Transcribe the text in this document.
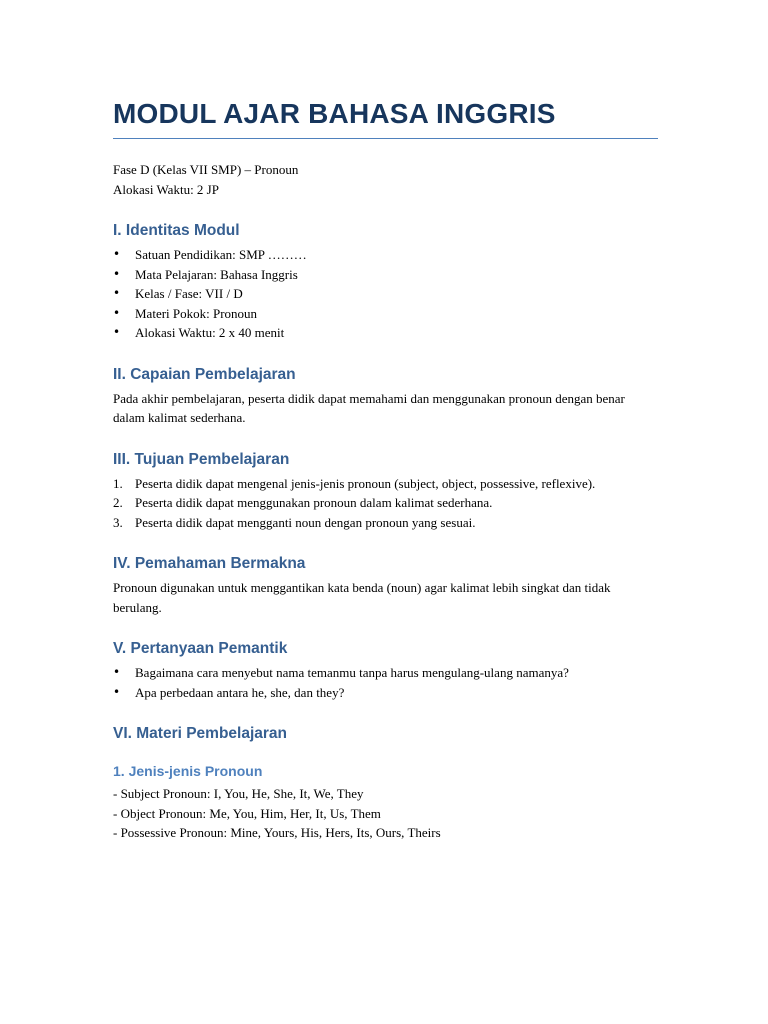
MODUL AJAR BAHASA INGGRIS
Fase D (Kelas VII SMP) – Pronoun
Alokasi Waktu: 2 JP
I. Identitas Modul
• Satuan Pendidikan: SMP ………
• Mata Pelajaran: Bahasa Inggris
• Kelas / Fase: VII / D
• Materi Pokok: Pronoun
• Alokasi Waktu: 2 x 40 menit
II. Capaian Pembelajaran

Pada akhir pembelajaran, peserta didik dapat memahami dan menggunakan pronoun dengan benar dalam kalimat sederhana.

III. Tujuan Pembelajaran
1. Peserta didik dapat mengenal jenis-jenis pronoun (subject, object, possessive, reflexive).
2. Peserta didik dapat menggunakan pronoun dalam kalimat sederhana.
3. Peserta didik dapat mengganti noun dengan pronoun yang sesuai.
IV. Pemahaman Bermakna

Pronoun digunakan untuk menggantikan kata benda (noun) agar kalimat lebih singkat dan tidak berulang.

V. Pertanyaan Pemantik
• Bagaimana cara menyebut nama temanmu tanpa harus mengulang-ulang namanya?
• Apa perbedaan antara he, she, dan they?
VI. Materi Pembelajaran
1. Jenis-jenis Pronoun
- Subject Pronoun: I, You, He, She, It, We, They
- Object Pronoun: Me, You, Him, Her, It, Us, Them
- Possessive Pronoun: Mine, Yours, His, Hers, Its, Ours, Theirs
